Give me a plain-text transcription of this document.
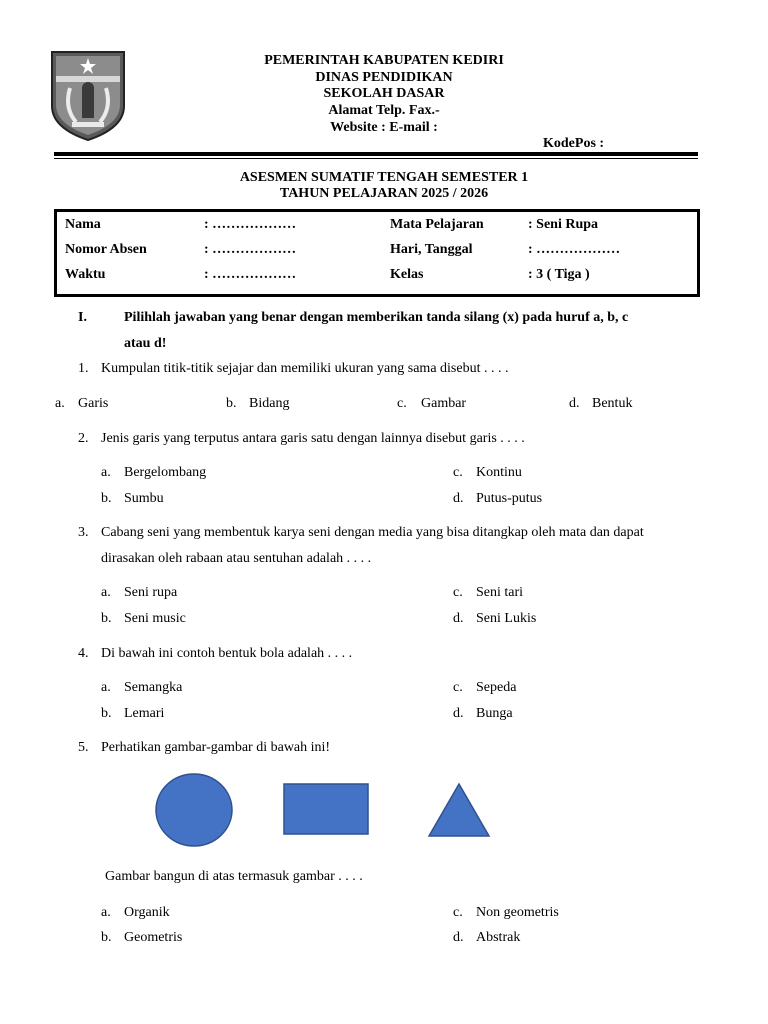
PEMERINTAH KABUPATEN KEDIRI
DINAS PENDIDIKAN
SEKOLAH DASAR
Alamat Telp. Fax.-
Website : E-mail :
KodePos :
ASESMEN SUMATIF TENGAH SEMESTER 1
TAHUN PELAJARAN 2025 / 2026
Nama	: ………………	Mata Pelajaran	: Seni Rupa
Nomor Absen	: ………………	Hari, Tanggal	: ………………
Waktu	: ………………	Kelas	: 3 ( Tiga )
I.	Pilihlah jawaban yang benar dengan memberikan tanda silang (x) pada huruf a, b, c
atau d!
1. Kumpulan titik-titik sejajar dan memiliki ukuran yang sama disebut . . . .
a. Garis	b. Bidang	c. Gambar	d. Bentuk
2. Jenis garis yang terputus antara garis satu dengan lainnya disebut garis . . . .
a. Bergelombang	c. Kontinu
b. Sumbu	d. Putus-putus
3. Cabang seni yang membentuk karya seni dengan media yang bisa ditangkap oleh mata dan dapat
dirasakan oleh rabaan atau sentuhan adalah . . . .
a. Seni rupa	c. Seni tari
b. Seni music	d. Seni Lukis
4. Di bawah ini contoh bentuk bola adalah . . . .
a. Semangka	c. Sepeda
b. Lemari	d. Bunga
5. Perhatikan gambar-gambar di bawah ini!
Gambar bangun di atas termasuk gambar . . . .
a. Organik	c. Non geometris
b. Geometris	d. Abstrak
